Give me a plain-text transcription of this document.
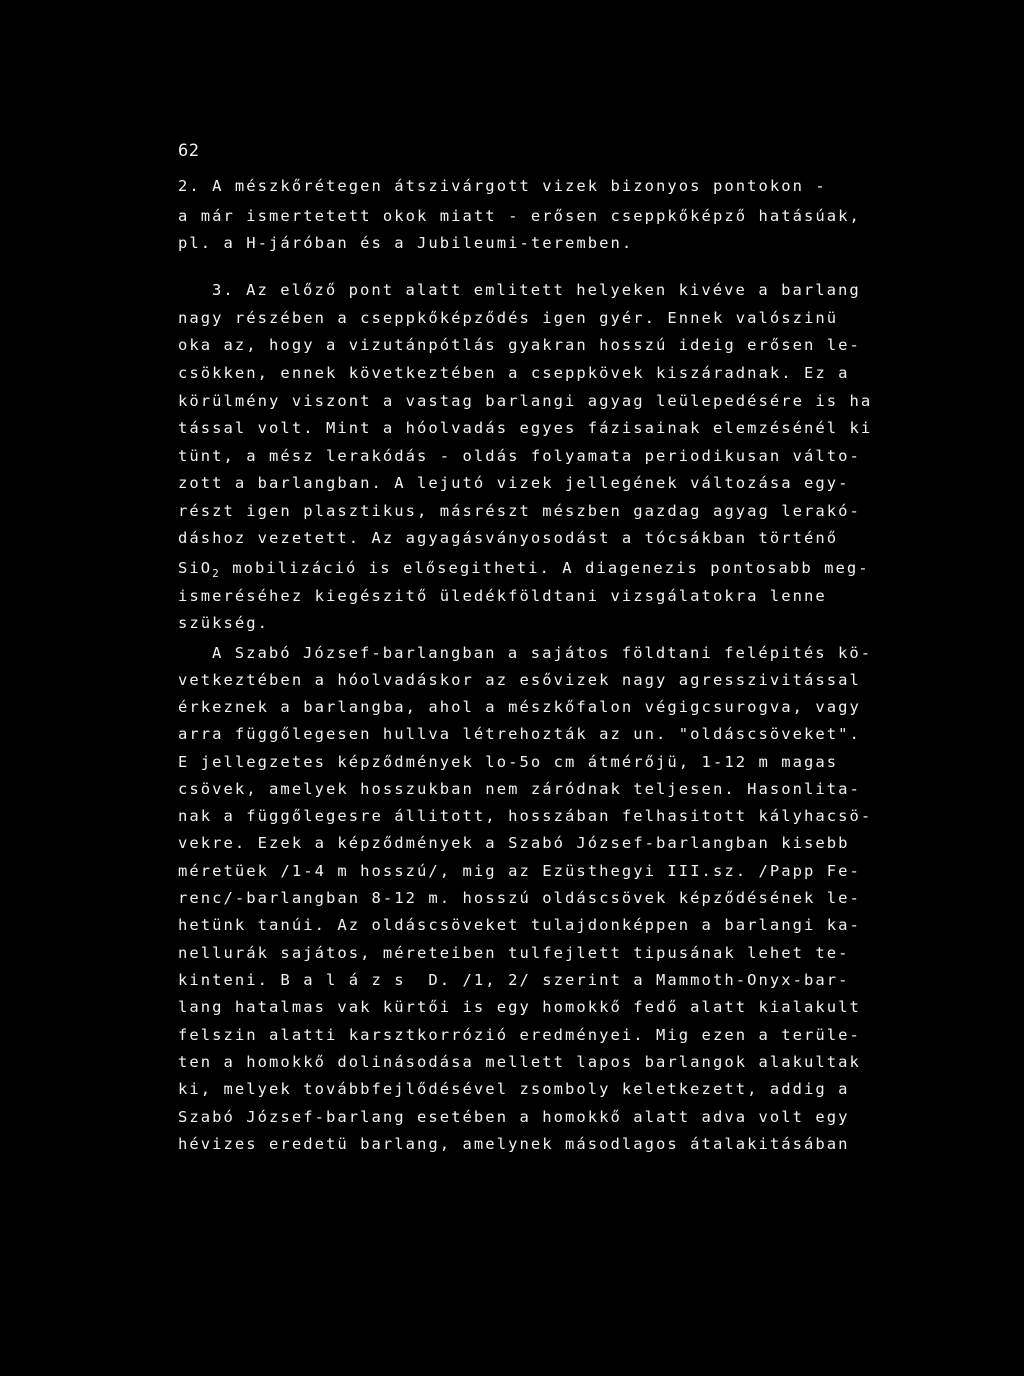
62
2. A mészkőrétegen átszivárgott vizek bizonyos pontokon -
a már ismertetett okok miatt - erősen cseppkőképző hatásúak,
pl. a H-járóban és a Jubileumi-teremben.
3. Az előző pont alatt emlitett helyeken kivéve a barlang
nagy részében a cseppkőképződés igen gyér. Ennek valószinü
oka az, hogy a vizutánpótlás gyakran hosszú ideig erősen le-
csökken, ennek következtében a cseppkövek kiszáradnak. Ez a
körülmény viszont a vastag barlangi agyag leülepedésére is ha
tással volt. Mint a hóolvadás egyes fázisainak elemzésénél ki
tünt, a mész lerakódás - oldás folyamata periodikusan válto-
zott a barlangban. A lejutó vizek jellegének változása egy-
részt igen plasztikus, másrészt mészben gazdag agyag lerakó-
dáshoz vezetett. Az agyagásványosodást a tócsákban történő
SiO$_2$ mobilizáció is elősegitheti. A diagenezis pontosabb meg-
ismeréséhez kiegészitő üledékföldtani vizsgálatokra lenne
szükség.
A Szabó József-barlangban a sajátos földtani felépités kö-
vetkeztében a hóolvadáskor az esővizek nagy agresszivitással
érkeznek a barlangba, ahol a mészkőfalon végigcsurogva, vagy
arra függőlegesen hullva létrehozták az un. "oldáscsöveket".
E jellegzetes képződmények lo-5o cm átmérőjü, 1-12 m magas
csövek, amelyek hosszukban nem záródnak teljesen. Hasonlita-
nak a függőlegesre állitott, hosszában felhasitott kályhacsö-
vekre. Ezek a képződmények a Szabó József-barlangban kisebb
méretüek /1-4 m hosszú/, mig az Ezüsthegyi III.sz. /Papp Fe-
renc/-barlangban 8-12 m. hosszú oldáscsövek képződésének le-
hetünk tanúi. Az oldáscsöveket tulajdonképpen a barlangi ka-
nellurák sajátos, méreteiben tulfejlett tipusának lehet te-
kinteni. B a l á z s  D. /1, 2/ szerint a Mammoth-Onyx-bar-
lang hatalmas vak kürtői is egy homokkő fedő alatt kialakult
felszin alatti karsztkorrózió eredményei. Mig ezen a terüle-
ten a homokkő dolinásodása mellett lapos barlangok alakultak
ki, melyek továbbfejlődésével zsomboly keletkezett, addig a
Szabó József-barlang esetében a homokkő alatt adva volt egy
hévizes eredetü barlang, amelynek másodlagos átalakitásában
